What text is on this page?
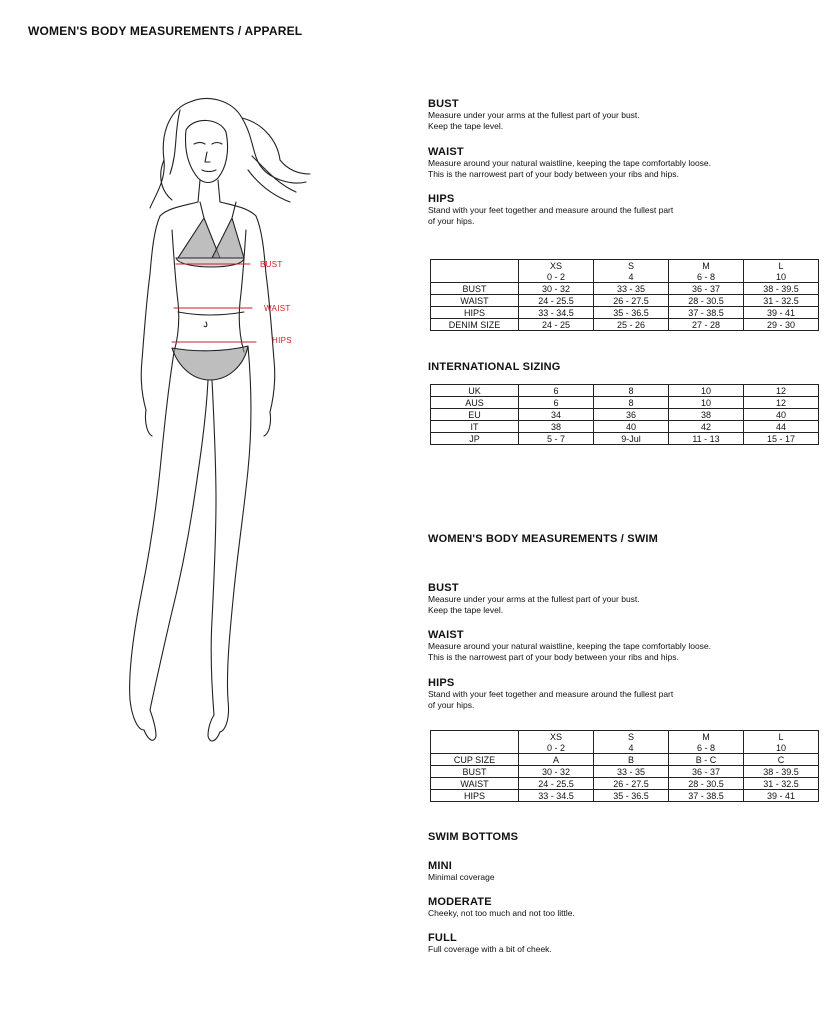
WOMEN'S BODY MEASUREMENTS / APPAREL
BUST
WAIST
HIPS

BUST

Measure under your arms at the fullest part of your bust.

Keep the tape level.

WAIST

Measure around your natural waistline, keeping the tape comfortably loose.

This is the narrowest part of your body between your ribs and hips.

HIPS

Stand with your feet together and measure around the fullest part

of your hips.

	XS	S	M	L
	0 - 2	4	6 - 8	10
BUST	30 - 32	33 - 35	36 - 37	38 - 39.5
WAIST	24 - 25.5	26 - 27.5	28 - 30.5	31 - 32.5
HIPS	33 - 34.5	35 - 36.5	37 - 38.5	39 - 41
DENIM SIZE	24 - 25	25 - 26	27 - 28	29 - 30
INTERNATIONAL SIZING
UK	6	8	10	12
AUS	6	8	10	12
EU	34	36	38	40
IT	38	40	42	44
JP	5 - 7	9-Jul	11 - 13	15 - 17
WOMEN'S BODY MEASUREMENTS / SWIM

BUST

Measure under your arms at the fullest part of your bust.

Keep the tape level.

WAIST

Measure around your natural waistline, keeping the tape comfortably loose.

This is the narrowest part of your body between your ribs and hips.

HIPS

Stand with your feet together and measure around the fullest part

of your hips.

	XS	S	M	L
	0 - 2	4	6 - 8	10
CUP SIZE	A	B	B - C	C
BUST	30 - 32	33 - 35	36 - 37	38 - 39.5
WAIST	24 - 25.5	26 - 27.5	28 - 30.5	31 - 32.5
HIPS	33 - 34.5	35 - 36.5	37 - 38.5	39 - 41
SWIM BOTTOMS

MINI

Minimal coverage

MODERATE

Cheeky, not too much and not too little.

FULL

Full coverage with a bit of cheek.
